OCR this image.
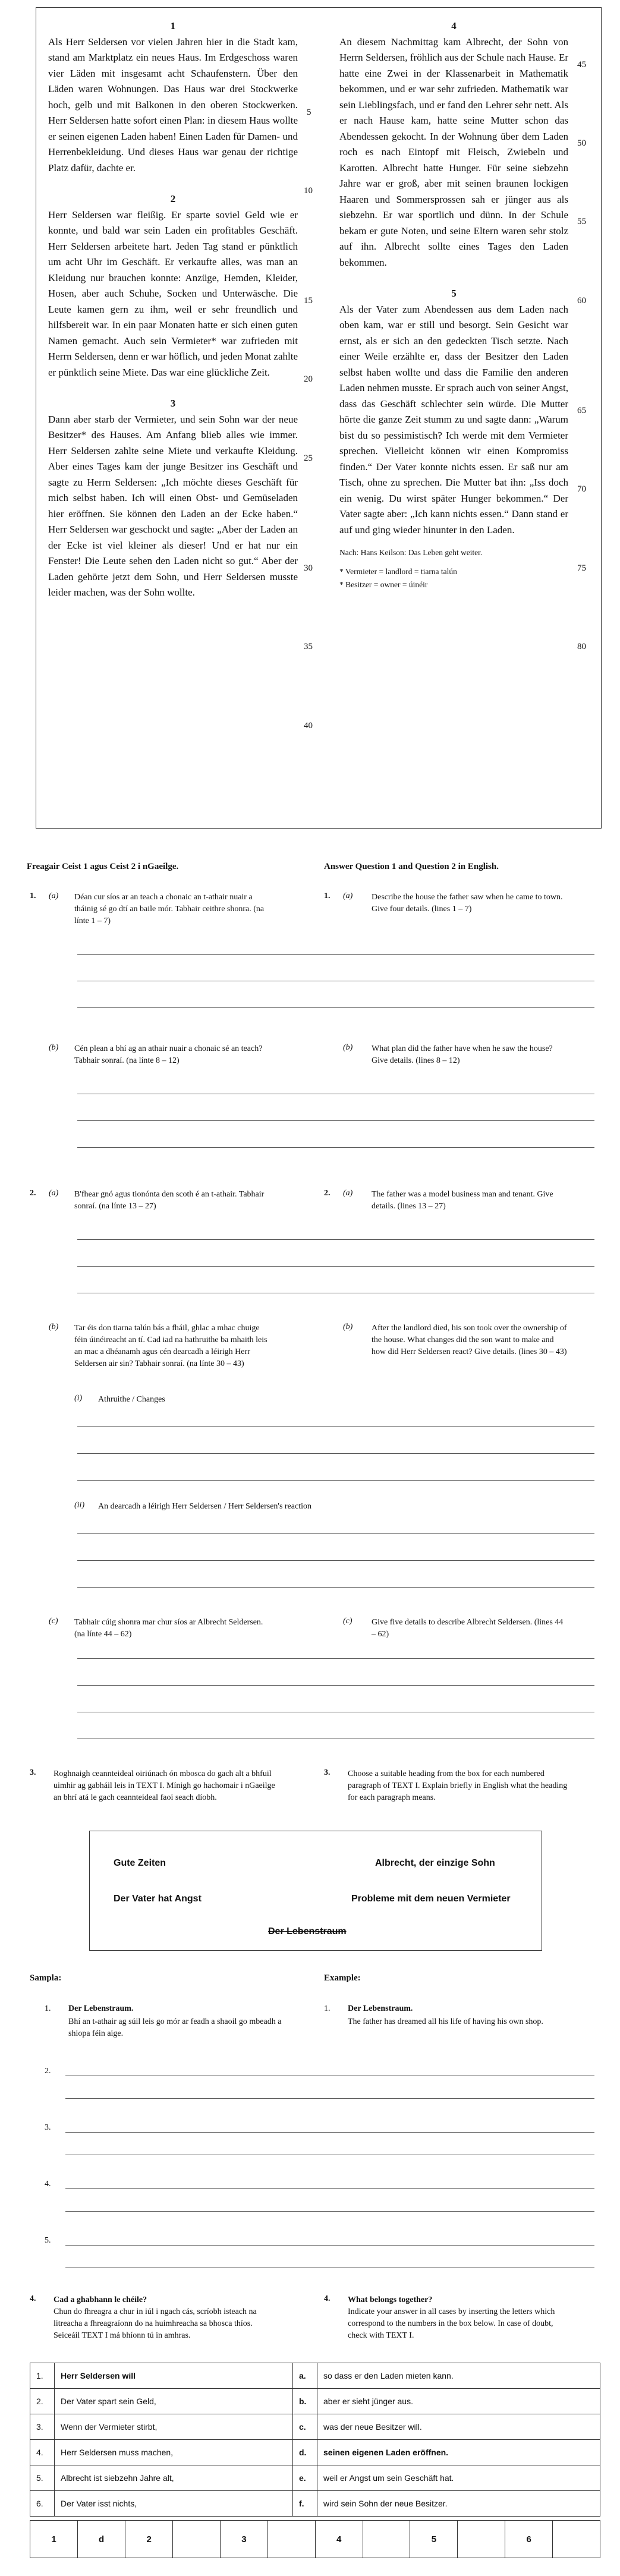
1

Als Herr Seldersen vor vielen Jahren hier in die Stadt kam, stand am Marktplatz ein neues Haus. Im Erdgeschoss waren vier Läden mit insgesamt acht Schaufenstern. Über den Läden waren Wohnungen. Das Haus war drei Stockwerke hoch, gelb und mit Balkonen in den oberen Stockwerken. Herr Seldersen hatte sofort einen Plan: in diesem Haus wollte er seinen eigenen Laden haben! Einen Laden für Damen- und Herrenbekleidung. Und dieses Haus war genau der richtige Platz dafür, dachte er.

2

Herr Seldersen war fleißig. Er sparte soviel Geld wie er konnte, und bald war sein Laden ein profitables Geschäft. Herr Seldersen arbeitete hart. Jeden Tag stand er pünktlich um acht Uhr im Geschäft. Er verkaufte alles, was man an Kleidung nur brauchen konnte: Anzüge, Hemden, Kleider, Hosen, aber auch Schuhe, Socken und Unterwäsche. Die Leute kamen gern zu ihm, weil er sehr freundlich und hilfsbereit war. In ein paar Monaten hatte er sich einen guten Namen gemacht. Auch sein Vermieter* war zufrieden mit Herrn Seldersen, denn er war höflich, und jeden Monat zahlte er pünktlich seine Miete. Das war eine glückliche Zeit.

3

Dann aber starb der Vermieter, und sein Sohn war der neue Besitzer* des Hauses. Am Anfang blieb alles wie immer. Herr Seldersen zahlte seine Miete und verkaufte Kleidung. Aber eines Tages kam der junge Besitzer ins Geschäft und sagte zu Herrn Seldersen: „Ich möchte dieses Geschäft für mich selbst haben. Ich will einen Obst- und Gemüseladen hier eröffnen. Sie können den Laden an der Ecke haben.“ Herr Seldersen war geschockt und sagte: „Aber der Laden an der Ecke ist viel kleiner als dieser! Und er hat nur ein Fenster! Die Leute sehen den Laden nicht so gut.“ Aber der Laden gehörte jetzt dem Sohn, und Herr Seldersen musste leider machen, was der Sohn wollte.

5
10
15
20
25
30
35
40
4

An diesem Nachmittag kam Albrecht, der Sohn von Herrn Seldersen, fröhlich aus der Schule nach Hause. Er hatte eine Zwei in der Klassenarbeit in Mathematik bekommen, und er war sehr zufrieden. Mathematik war sein Lieblingsfach, und er fand den Lehrer sehr nett. Als er nach Hause kam, hatte seine Mutter schon das Abendessen gekocht. In der Wohnung über dem Laden roch es nach Eintopf mit Fleisch, Zwiebeln und Karotten. Albrecht hatte Hunger. Für seine siebzehn Jahre war er groß, aber mit seinen braunen lockigen Haaren und Sommersprossen sah er jünger aus als siebzehn. Er war sportlich und dünn. In der Schule bekam er gute Noten, und seine Eltern waren sehr stolz auf ihn. Albrecht sollte eines Tages den Laden bekommen.

5

Als der Vater zum Abendessen aus dem Laden nach oben kam, war er still und besorgt. Sein Gesicht war ernst, als er sich an den gedeckten Tisch setzte. Nach einer Weile erzählte er, dass der Besitzer den Laden selbst haben wollte und dass die Familie den anderen Laden nehmen musste. Er sprach auch von seiner Angst, dass das Geschäft schlechter sein würde. Die Mutter hörte die ganze Zeit stumm zu und sagte dann: „Warum bist du so pessimistisch? Ich werde mit dem Vermieter sprechen. Vielleicht können wir einen Kompromiss finden.“ Der Vater konnte nichts essen. Er saß nur am Tisch, ohne zu sprechen. Die Mutter bat ihn: „Iss doch ein wenig. Du wirst später Hunger bekommen.“ Der Vater sagte aber: „Ich kann nichts essen.“ Dann stand er auf und ging wieder hinunter in den Laden.

Nach: Hans Keilson: Das Leben geht weiter.
* Vermieter = landlord = tiarna talún
* Besitzer = owner = úinéir
45
50
55
60
65
70
75
80
Freagair Ceist 1 agus Ceist 2 i nGaeilge.	Answer Question 1 and Question 2 in English.
1. (a) Déan cur síos ar an teach a chonaic an t-athair nuair a tháinig sé go dtí an baile mór. Tabhair ceithre shonra. (na línte 1 – 7)
1. (a) Describe the house the father saw when he came to town. Give four details. (lines 1 – 7)
(b) Cén plean a bhí ag an athair nuair a chonaic sé an teach? Tabhair sonraí. (na línte 8 – 12)
(b) What plan did the father have when he saw the house? Give details. (lines 8 – 12)
2. (a) B'fhear gnó agus tionónta den scoth é an t-athair. Tabhair sonraí. (na línte 13 – 27)
2. (a) The father was a model business man and tenant. Give details. (lines 13 – 27)
(b) Tar éis don tiarna talún bás a fháil, ghlac a mhac chuige féin úinéireacht an tí. Cad iad na hathruithe ba mhaith leis an mac a dhéanamh agus cén dearcadh a léirigh Herr Seldersen air sin? Tabhair sonraí. (na línte 30 – 43)
(b) After the landlord died, his son took over the ownership of the house. What changes did the son want to make and how did Herr Seldersen react? Give details. (lines 30 – 43)
(i) Athruithe / Changes
(ii) An dearcadh a léirigh Herr Seldersen / Herr Seldersen's reaction
(c) Tabhair cúig shonra mar chur síos ar Albrecht Seldersen. (na línte 44 – 62)
(c) Give five details to describe Albrecht Seldersen. (lines 44 – 62)
3. Roghnaigh ceannteideal oiriúnach ón mbosca do gach alt a bhfuil uimhir ag gabháil leis in TEXT I. Mínigh go hachomair i nGaeilge an bhrí atá le gach ceannteideal faoi seach díobh.
3. Choose a suitable heading from the box for each numbered paragraph of TEXT I. Explain briefly in English what the heading for each paragraph means.
Gute Zeiten	Albrecht, der einzige Sohn
Der Vater hat Angst	Probleme mit dem neuen Vermieter
Der Lebenstraum
Sampla:	Example:
1. Der Lebenstraum.
Bhí an t-athair ag súil leis go mór ar feadh a shaoil go mbeadh a shiopa féin aige.
1. Der Lebenstraum.
The father has dreamed all his life of having his own shop.
2.
3.
4.
5.
4. Cad a ghabhann le chéile?
Chun do fhreagra a chur in iúl i ngach cás, scríobh isteach na litreacha a fhreagraíonn do na huimhreacha sa bhosca thíos. Seiceáil TEXT I má bhíonn tú in amhras.
4. What belongs together?
Indicate your answer in all cases by inserting the letters which correspond to the numbers in the box below. In case of doubt, check with TEXT I.
1.	Herr Seldersen will	a.	so dass er den Laden mieten kann.
2.	Der Vater spart sein Geld,	b.	aber er sieht jünger aus.
3.	Wenn der Vermieter stirbt,	c.	was der neue Besitzer will.
4.	Herr Seldersen muss machen,	d.	seinen eigenen Laden eröffnen.
5.	Albrecht ist siebzehn Jahre alt,	e.	weil er Angst um sein Geschäft hat.
6.	Der Vater isst nichts,	f.	wird sein Sohn der neue Besitzer.
1	d	2		3		4		5		6	
